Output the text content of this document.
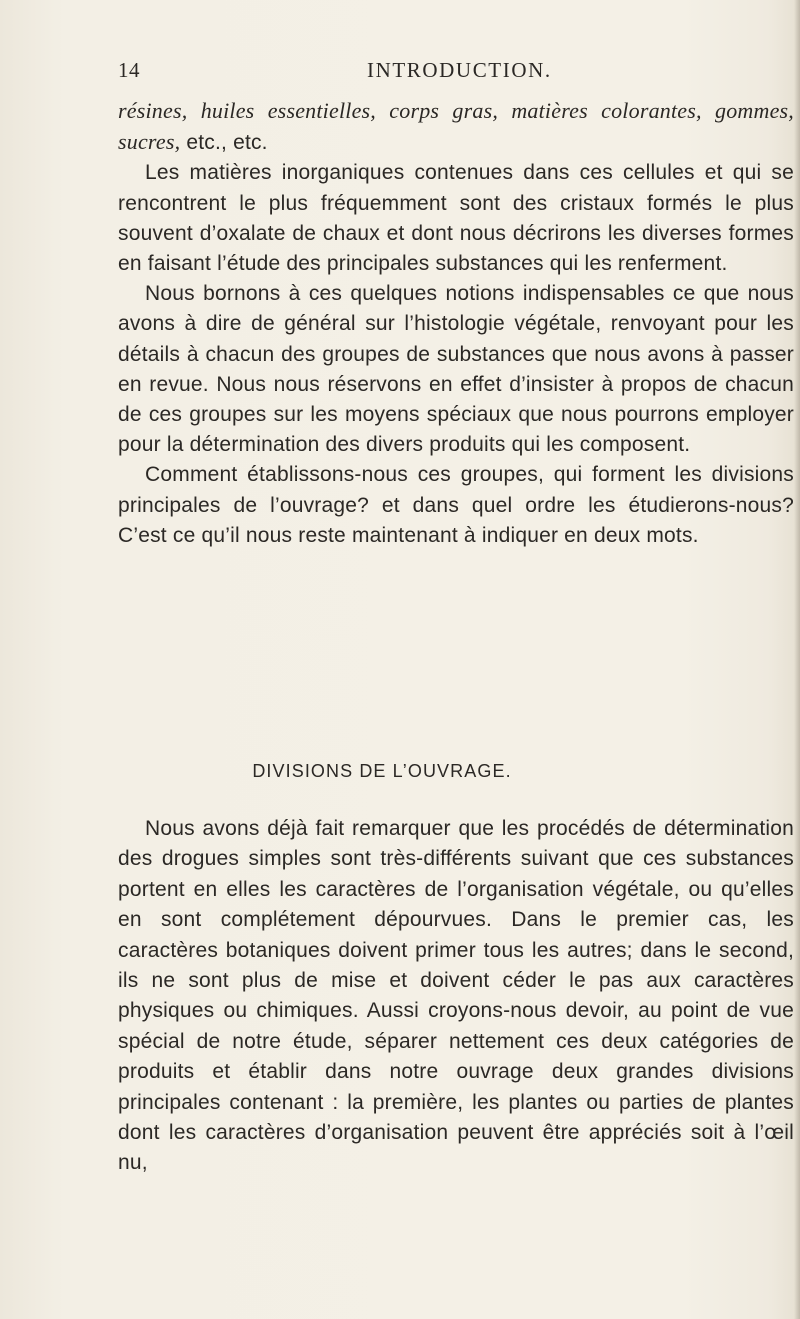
14	INTRODUCTION.

résines, huiles essentielles, corps gras, matières colorantes, gommes, sucres, etc., etc.

Les matières inorganiques contenues dans ces cellules et qui se rencontrent le plus fréquemment sont des cristaux formés le plus souvent d’oxalate de chaux et dont nous décrirons les diverses formes en faisant l’étude des principales substances qui les renferment.

Nous bornons à ces quelques notions indispensables ce que nous avons à dire de général sur l’histologie végétale, renvoyant pour les détails à chacun des groupes de substances que nous avons à passer en revue. Nous nous réservons en effet d’insister à propos de chacun de ces groupes sur les moyens spéciaux que nous pourrons employer pour la détermination des divers produits qui les composent.

Comment établissons-nous ces groupes, qui forment les divisions principales de l’ouvrage? et dans quel ordre les étudierons-nous? C’est ce qu’il nous reste maintenant à indiquer en deux mots.

DIVISIONS DE L’OUVRAGE.

Nous avons déjà fait remarquer que les procédés de détermination des drogues simples sont très-différents suivant que ces substances portent en elles les caractères de l’organisation végétale, ou qu’elles en sont complétement dépourvues. Dans le premier cas, les caractères botaniques doivent primer tous les autres; dans le second, ils ne sont plus de mise et doivent céder le pas aux caractères physiques ou chimiques. Aussi croyons-nous devoir, au point de vue spécial de notre étude, séparer nettement ces deux catégories de produits et établir dans notre ouvrage deux grandes divisions principales contenant : la première, les plantes ou parties de plantes dont les caractères d’organisation peuvent être appréciés soit à l’œil nu,
